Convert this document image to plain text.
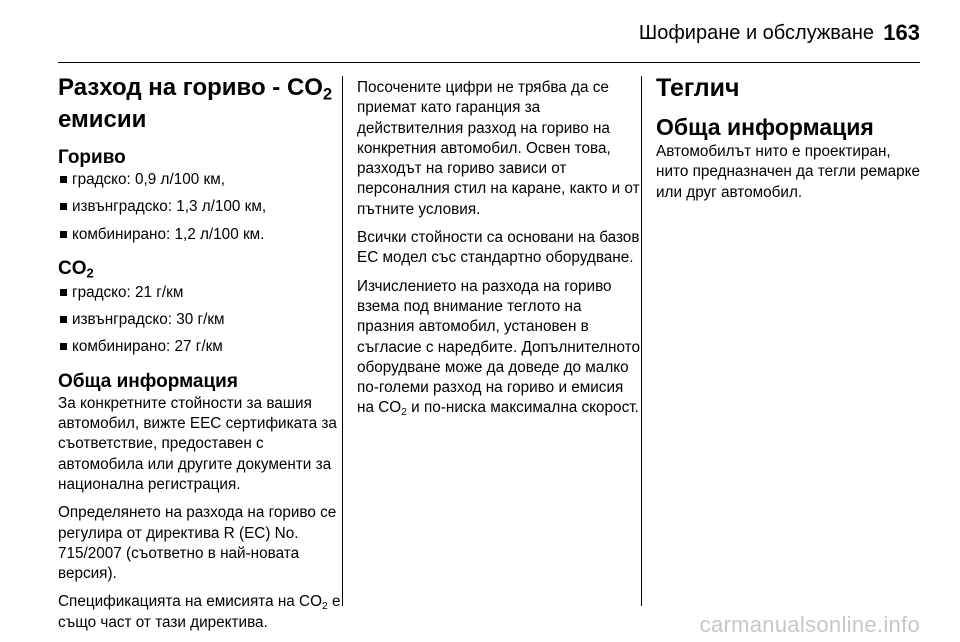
Шофиране и обслужване 163
Разход на гориво - $CO_2$
емисии
Гориво
градско: 0,9 л/100 км,
извънградско: 1,3 л/100 км,
комбинирано: 1,2 л/100 км.
$CO_2$
градско: 21 г/км
извънградско: 30 г/км
комбинирано: 27 г/км
Обща информация

За конкретните стойности за вашия автомобил, вижте ЕЕС сертификата за съответствие, предоставен с автомобила или другите документи за национална регистрация.

Определянето на разхода на гориво се регулира от директива R (EC) No. 715/2007 (съответно в най-новата версия).

Спецификацията на емисията на $CO_2$ е също част от тази директива.

Посочените цифри не трябва да се приемат като гаранция за действителния разход на гориво на конкретния автомобил. Освен това, разходът на гориво зависи от персоналния стил на каране, както и от пътните условия.

Всички стойности са основани на базов ЕС модел със стандартно оборудване.

Изчислението на разхода на гориво взема под внимание теглото на празния автомобил, установен в съгласие с наредбите. Допълнителното оборудване може да доведе до малко по-големи разход на гориво и емисия на $CO_2$ и по-ниска максимална скорост.

Теглич
Обща информация

Автомобилът нито е проектиран, нито предназначен да тегли ремарке или друг автомобил.

carmanualsonline.info
